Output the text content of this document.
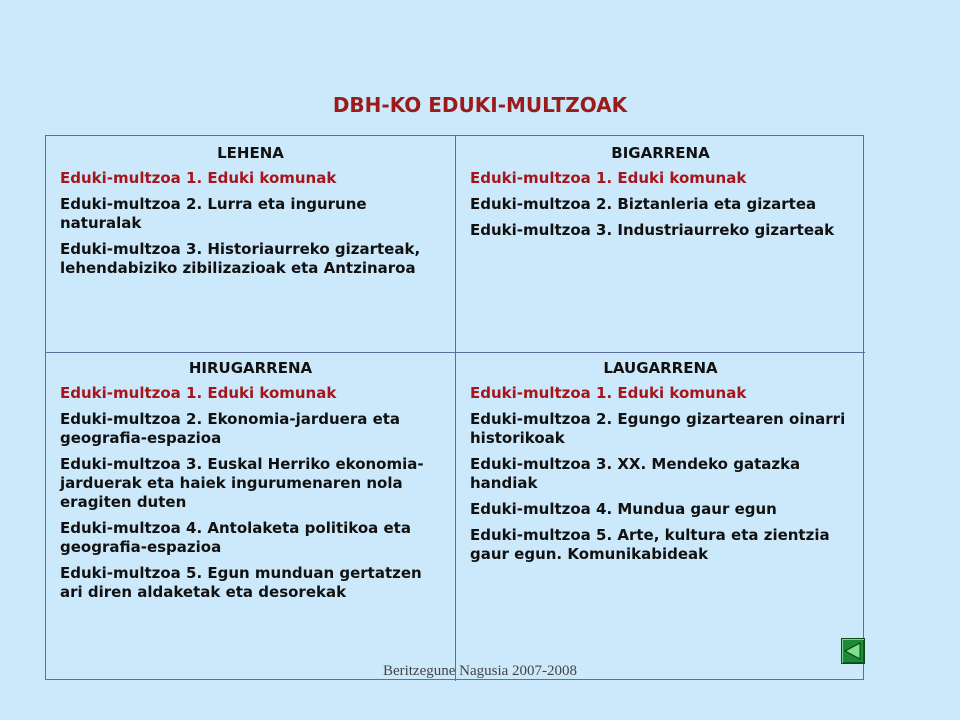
DBH-KO EDUKI-MULTZOAK
LEHENA
Eduki-multzoa 1. Eduki komunak
Eduki-multzoa 2. Lurra eta ingurune naturalak
Eduki-multzoa 3. Historiaurreko gizarteak, lehendabiziko zibilizazioak eta Antzinaroa
BIGARRENA
Eduki-multzoa 1. Eduki komunak
Eduki-multzoa 2. Biztanleria eta gizartea
Eduki-multzoa 3. Industriaurreko gizarteak
HIRUGARRENA
Eduki-multzoa 1. Eduki komunak
Eduki-multzoa 2. Ekonomia-jarduera eta geografia-espazioa
Eduki-multzoa 3. Euskal Herriko ekonomia-jarduerak eta haiek ingurumenaren nola eragiten duten
Eduki-multzoa 4. Antolaketa politikoa eta geografia-espazioa
Eduki-multzoa 5. Egun munduan gertatzen ari diren aldaketak eta desorekak
LAUGARRENA
Eduki-multzoa 1. Eduki komunak
Eduki-multzoa 2. Egungo gizartearen oinarri historikoak
Eduki-multzoa 3. XX. Mendeko gatazka handiak
Eduki-multzoa 4. Mundua gaur egun
Eduki-multzoa 5. Arte, kultura eta zientzia gaur egun. Komunikabideak
Beritzegune Nagusia 2007-2008
